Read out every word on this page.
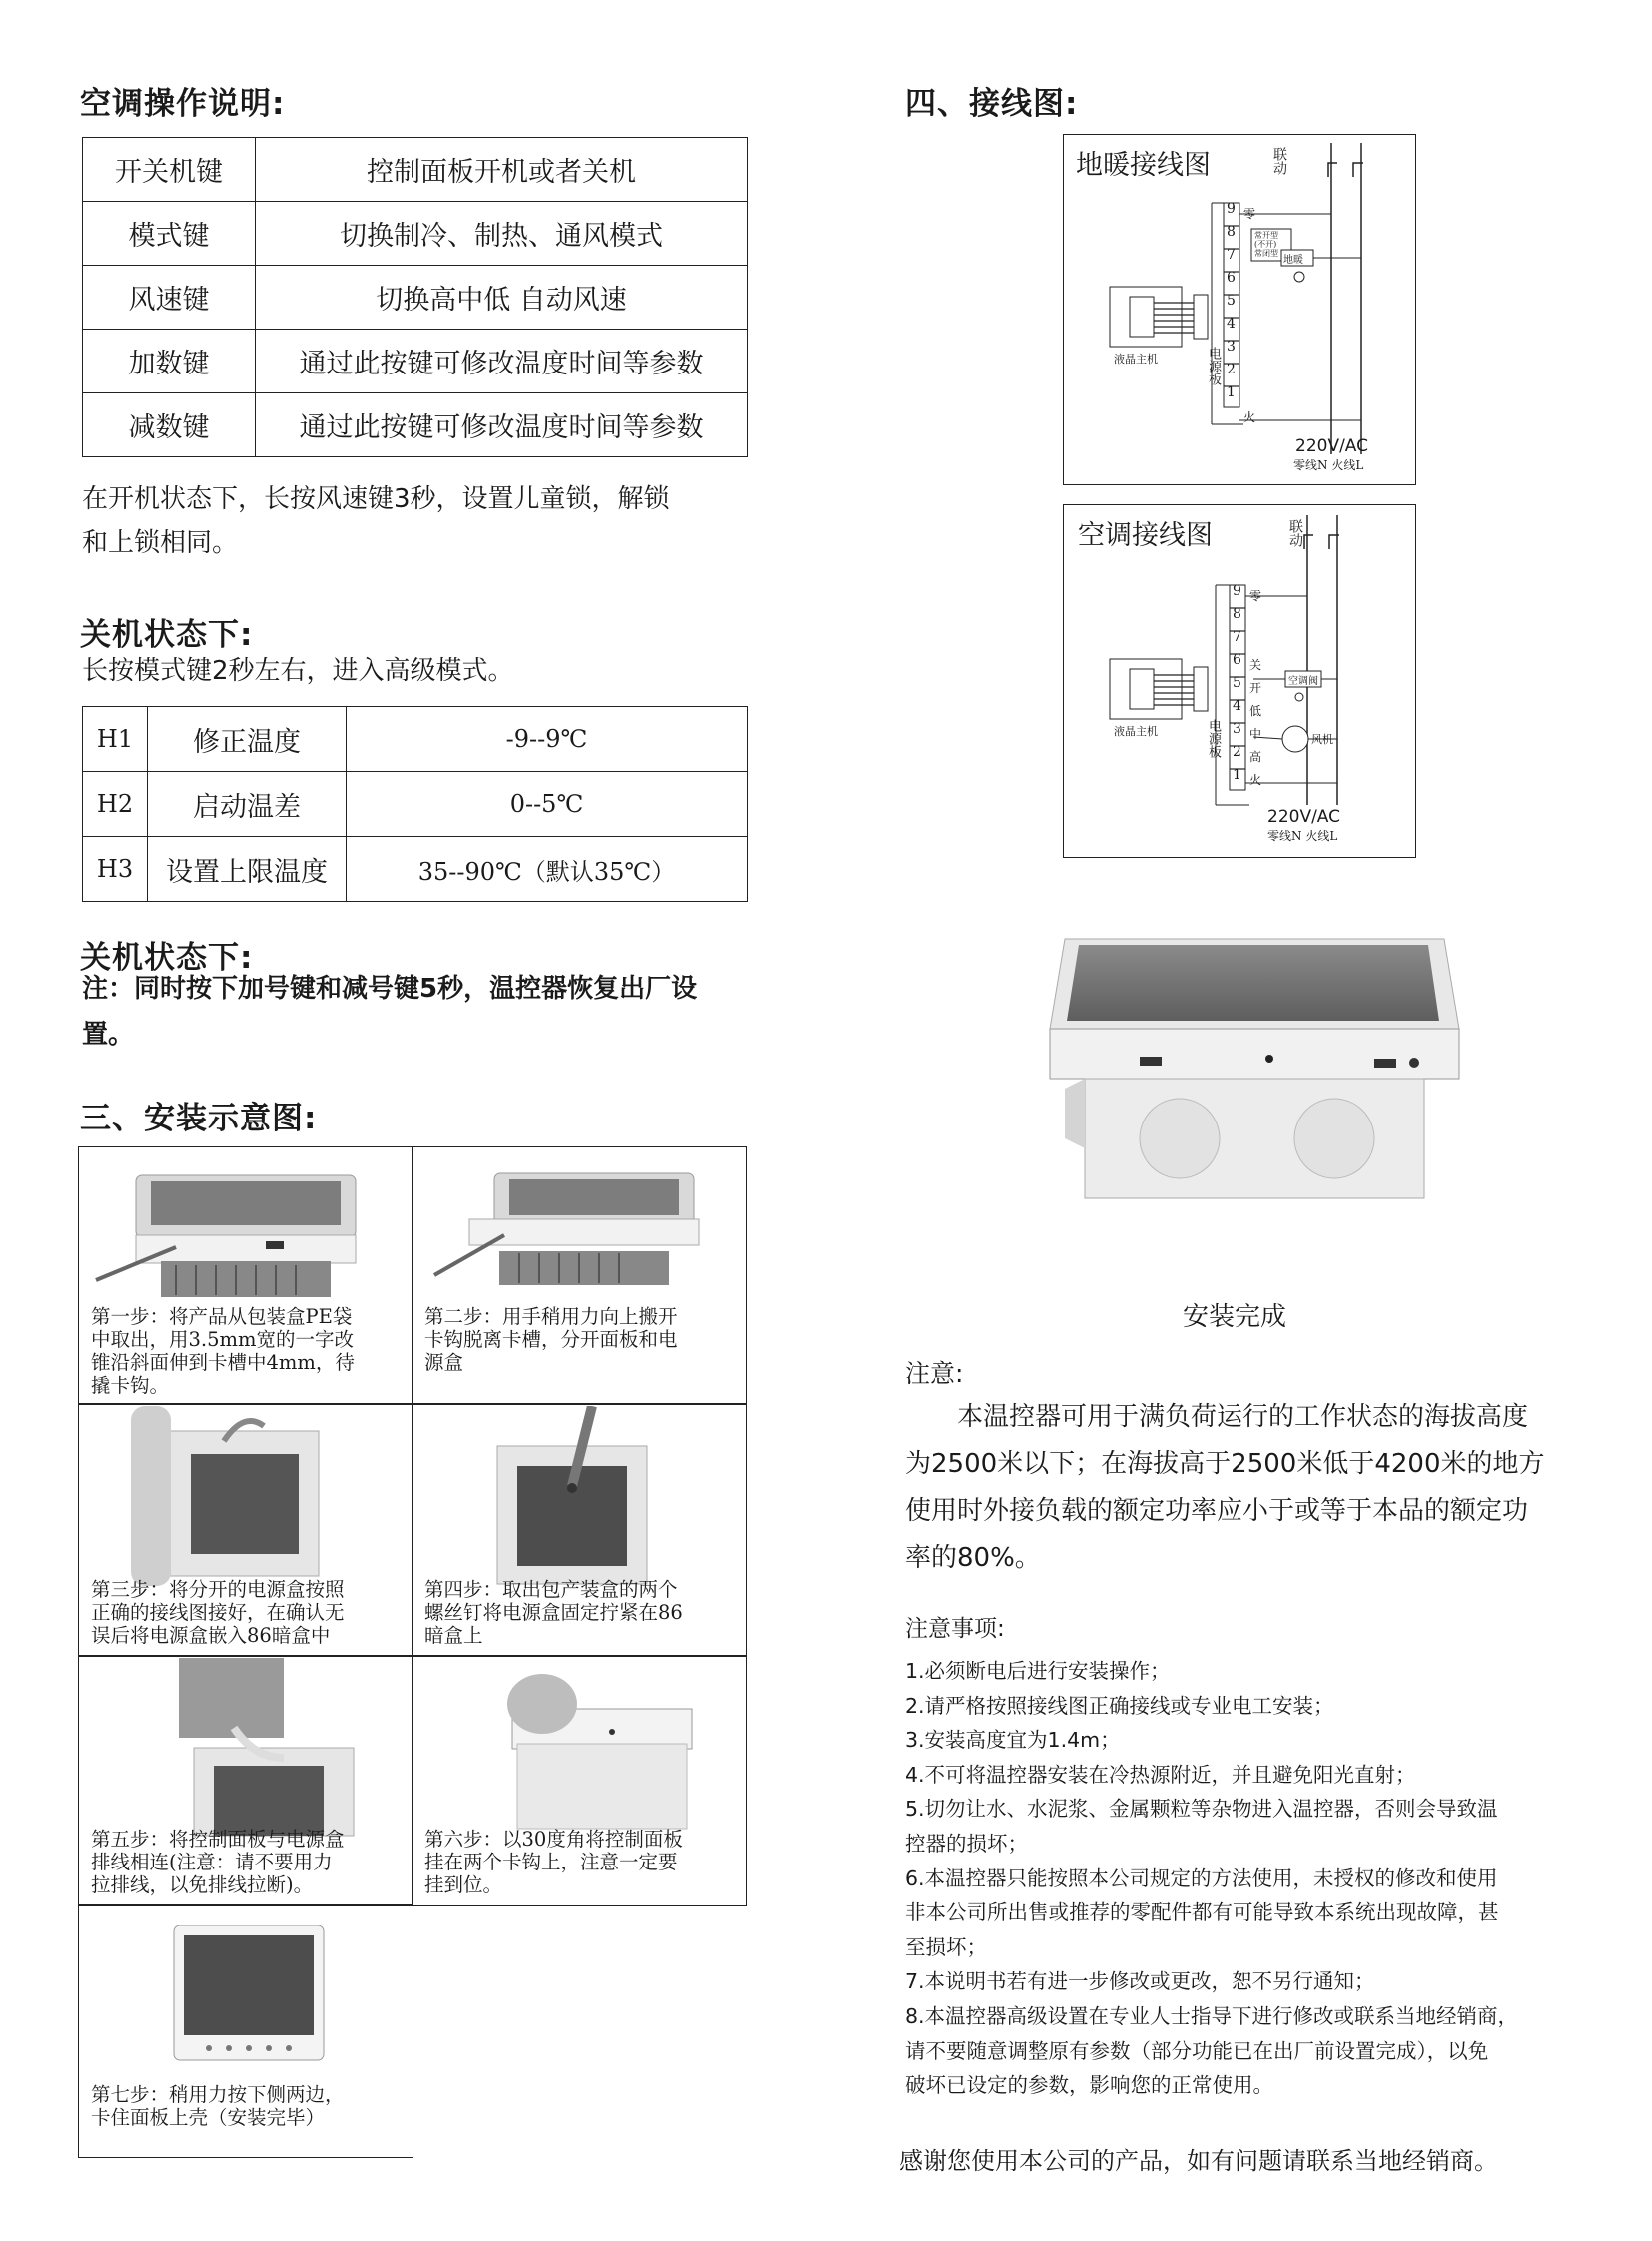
空调操作说明:
开关机键	控制面板开机或者关机
模式键	切换制冷、制热、通风模式
风速键	切换高中低 自动风速
加数键	通过此按键可修改温度时间等参数
减数键	通过此按键可修改温度时间等参数
在开机状态下，长按风速键3秒，设置儿童锁，解锁
和上锁相同。
关机状态下:
长按模式键2秒左右，进入高级模式。
H1	修正温度	-9--9℃
H2	启动温差	0--5℃
H3	设置上限温度	35--90℃（默认35℃）
关机状态下:
注：同时按下加号键和减号键5秒，温控器恢复出厂设
置。
三、安装示意图:
第一步：将产品从包装盒PE袋
中取出，用3.5mm宽的一字改
锥沿斜面伸到卡槽中4mm，待
撬卡钩。
第二步：用手稍用力向上搬开
卡钩脱离卡槽，分开面板和电
源盒
第三步：将分开的电源盒按照
正确的接线图接好，在确认无
误后将电源盒嵌入86暗盒中
第四步：取出包产装盒的两个
螺丝钉将电源盒固定拧紧在86
暗盒上
第五步：将控制面板与电源盒
排线相连(注意：请不要用力
拉排线，以免排线拉断)。
第六步：以30度角将控制面板
挂在两个卡钩上，注意一定要
挂到位。
第七步：稍用力按下侧两边，
卡住面板上壳（安装完毕）
四、接线图:
地暖接线图
9
8
7
6
5
4
3
2
1
零
火
常开型
(不开)
常闭型
地暖
联动
液晶主机	电源板
220V/AC
零线N 火线L
空调接线图
9
8
7
6
5
4
3
2
1
零
关
开
低
中
高
火
空调阀
风机
联动
液晶主机	电源板
220V/AC
零线N 火线L
安装完成
注意:
本温控器可用于满负荷运行的工作状态的海拔高度
为2500米以下；在海拔高于2500米低于4200米的地方
使用时外接负载的额定功率应小于或等于本品的额定功
率的80%。
注意事项:
1.必须断电后进行安装操作；
2.请严格按照接线图正确接线或专业电工安装；
3.安装高度宜为1.4m；
4.不可将温控器安装在冷热源附近，并且避免阳光直射；
5.切勿让水、水泥浆、金属颗粒等杂物进入温控器，否则会导致温
控器的损坏；
6.本温控器只能按照本公司规定的方法使用，未授权的修改和使用
非本公司所出售或推荐的零配件都有可能导致本系统出现故障，甚
至损坏；
7.本说明书若有进一步修改或更改，恕不另行通知；
8.本温控器高级设置在专业人士指导下进行修改或联系当地经销商，
请不要随意调整原有参数（部分功能已在出厂前设置完成），以免
破坏已设定的参数，影响您的正常使用。
感谢您使用本公司的产品，如有问题请联系当地经销商。
